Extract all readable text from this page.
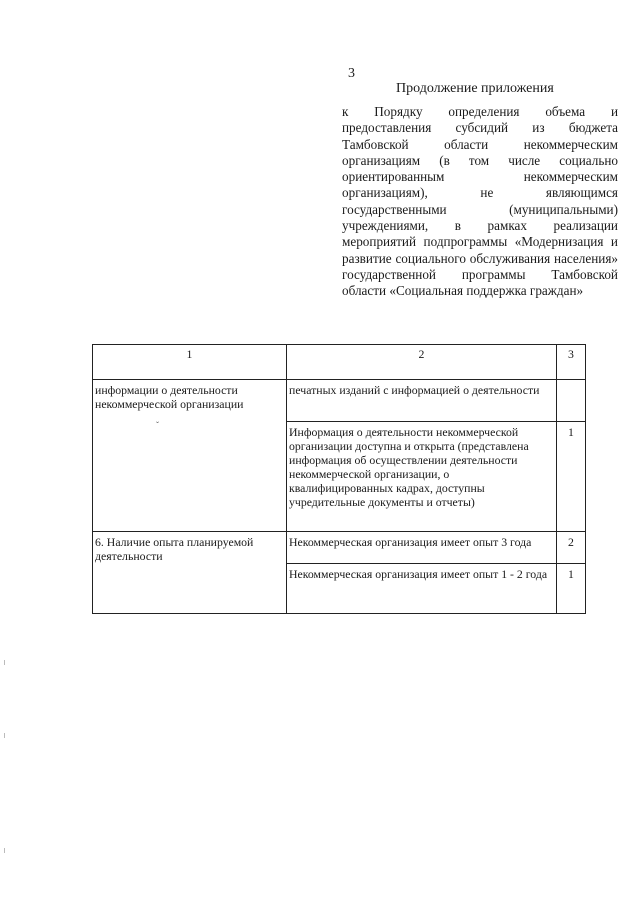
3
Продолжение приложения
к Порядку определения объема и предоставления субсидий из бюджета Тамбовской области некоммерческим организациям (в том числе социально ориентированным некоммерческим организациям), не являющимся государственными (муниципальными) учреждениями, в рамках реализации мероприятий подпрограммы «Модернизация и развитие социального обслуживания населения» государственной программы Тамбовской области «Социальная поддержка граждан»
1	2	3
информации о деятельности некоммерческой организации	печатных изданий с информацией о деятельности	
	Информация о деятельности некоммерческой организации доступна и открыта (представлена информация об осуществлении деятельности некоммерческой организации, о квалифицированных кадрах, доступны учредительные документы и отчеты)	1
6. Наличие опыта планируемой деятельности	Некоммерческая организация имеет опыт 3 года	2
	Некоммерческая организация имеет опыт 1 - 2 года	1
ˇ
